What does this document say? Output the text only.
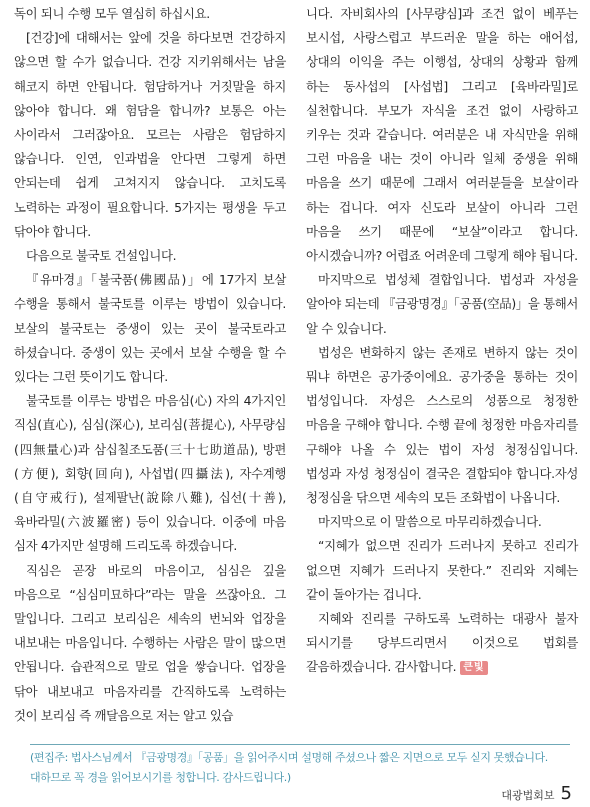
독이 되니 수행 모두 열심히 하십시요.

[건강]에 대해서는 앞에 것을 하다보면 건강하지 않으면 할 수가 없습니다. 건강 지키위해서는 남을 해코지 하면 안됩니다. 험담하거나 거짓말을 하지 않아야 합니다. 왜 험담을 합니까? 보통은 아는 사이라서 그러잖아요. 모르는 사람은 험담하지 않습니다. 인연, 인과법을 안다면 그렇게 하면 안되는데 쉽게 고쳐지지 않습니다. 고치도록 노력하는 과정이 필요합니다. 5가지는 평생을 두고 닦아야 합니다.

다음으로 불국토 건설입니다.

『유마경』「불국품(佛國品)」에 17가지 보살 수행을 통해서 불국토를 이루는 방법이 있습니다. 보살의 불국토는 중생이 있는 곳이 불국토라고 하셨습니다. 중생이 있는 곳에서 보살 수행을 할 수 있다는 그런 뜻이기도 합니다.

불국토를 이루는 방법은 마음심(心) 자의 4가지인 직심(直心), 심심(深心), 보리심(菩提心), 사무량심(四無量心)과 삼십칠조도품(三十七助道品), 방편(方便), 회향(回向), 사섭법(四攝法), 자수계행(自守戒行), 설제팔난(說除八難), 십선(十善), 육바라밀(六波羅密) 등이 있습니다. 이중에 마음 심자 4가지만 설명해 드리도록 하겠습니다.

직심은 곧장 바로의 마음이고, 심심은 깊을 마음으로 “심심미묘하다”라는 말을 쓰잖아요. 그 말입니다. 그리고 보리심은 세속의 번뇌와 업장을 내보내는 마음입니다. 수행하는 사람은 말이 많으면 안됩니다. 습관적으로 말로 업을 쌓습니다. 업장을 닦아 내보내고 마음자리를 간직하도록 노력하는 것이 보리심 즉 깨달음으로 저는 알고 있습

니다. 자비회사의 [사무량심]과 조건 없이 베푸는 보시섭, 사랑스럽고 부드러운 말을 하는 애어섭, 상대의 이익을 주는 이행섭, 상대의 상황과 함께 하는 동사섭의 [사섭법] 그리고 [육바라밀]로 실천합니다. 부모가 자식을 조건 없이 사랑하고 키우는 것과 같습니다. 여러분은 내 자식만을 위해 그런 마음을 내는 것이 아니라 일체 중생을 위해 마음을 쓰기 때문에 그래서 여러분들을 보살이라 하는 겁니다. 여자 신도라 보살이 아니라 그런 마음을 쓰기 때문에 “보살”이라고 합니다. 아시겠습니까? 어렵죠 어려운데 그렇게 해야 됩니다.

마지막으로 법성체 결합입니다. 법성과 자성을 알아야 되는데 『금광명경』「공품(空品)」을 통해서 알 수 있습니다.

법성은 변화하지 않는 존재로 변하지 않는 것이 뭐냐 하면은 공가중이에요. 공가중을 통하는 것이 법성입니다. 자성은 스스로의 성품으로 청정한 마음을 구해야 합니다. 수행 끝에 청정한 마음자리를 구해야 나올 수 있는 법이 자성 청정심입니다. 법성과 자성 청정심이 결국은 결합되야 합니다.자성 청정심을 닦으면 세속의 모든 조화법이 나옵니다.

마지막으로 이 말씀으로 마무리하겠습니다.

“지혜가 없으면 진리가 드러나지 못하고 진리가 없으면 지혜가 드러나지 못한다.” 진리와 지혜는 같이 돌아가는 겁니다.

지혜와 진리를 구하도록 노력하는 대광사 불자 되시기를 당부드리면서 이것으로 법회를 갈음하겠습니다. 감사합니다. 큰빛

(편집주: 법사스님께서 『금광명경』「공품」을 읽어주시며 설명해 주셨으나 짧은 지면으로 모두 싣지 못했습니다.

대하므로 꼭 경을 읽어보시기를 청합니다. 감사드립니다.)

대광법회보 5
